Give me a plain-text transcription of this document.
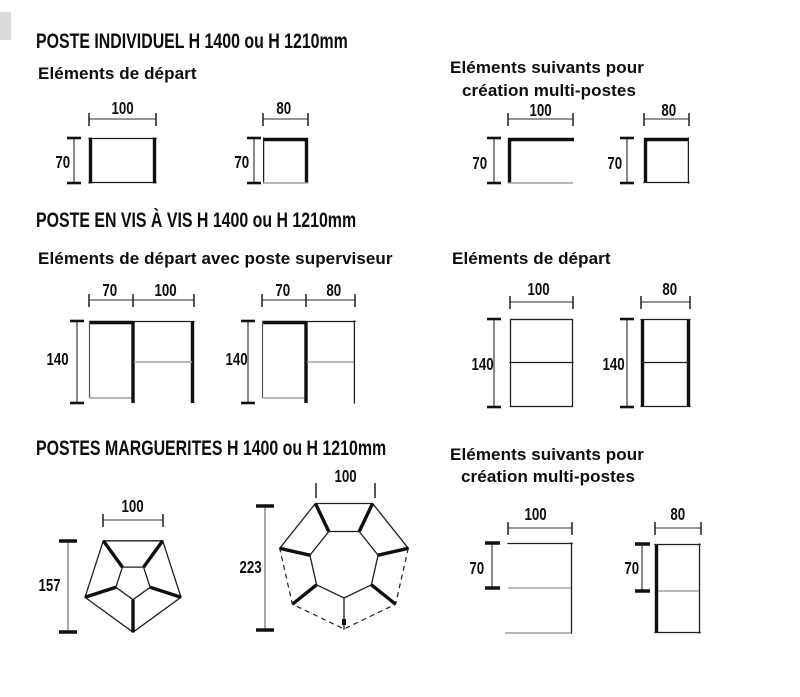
POSTE INDIVIDUEL H 1400 ou H 1210mm
Eléments de départ	Eléments suivants pour
création multi-postes
POSTE EN VIS À VIS H 1400 ou H 1210mm
Eléments de départ avec poste superviseur	Eléments de départ
POSTES MARGUERITES H 1400 ou H 1210mm	Eléments suivants pour
création multi-postes
100
70
80
70
100
70
80
70
70	100
140
70	80
140
100
140
80
140
100
157
100
223
100
70
80
70
